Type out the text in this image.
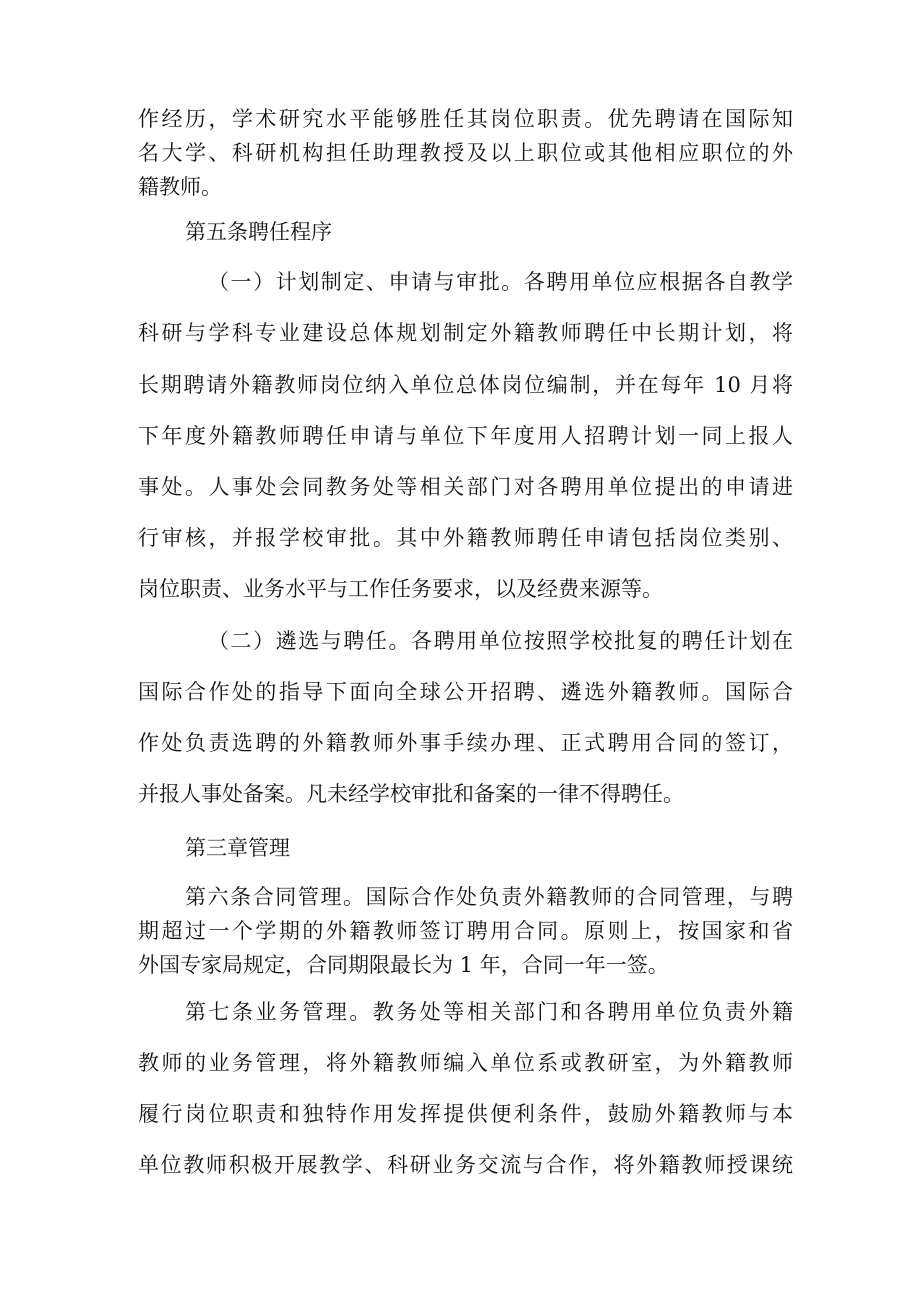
作经历，学术研究水平能够胜任其岗位职责。优先聘请在国际知
名大学、科研机构担任助理教授及以上职位或其他相应职位的外
籍教师。
第五条聘任程序
（一）计划制定、申请与审批。各聘用单位应根据各自教学
科研与学科专业建设总体规划制定外籍教师聘任中长期计划，将
长期聘请外籍教师岗位纳入单位总体岗位编制，并在每年 10 月将
下年度外籍教师聘任申请与单位下年度用人招聘计划一同上报人
事处。人事处会同教务处等相关部门对各聘用单位提出的申请进
行审核，并报学校审批。其中外籍教师聘任申请包括岗位类别、
岗位职责、业务水平与工作任务要求，以及经费来源等。
（二）遴选与聘任。各聘用单位按照学校批复的聘任计划在
国际合作处的指导下面向全球公开招聘、遴选外籍教师。国际合
作处负责选聘的外籍教师外事手续办理、正式聘用合同的签订，
并报人事处备案。凡未经学校审批和备案的一律不得聘任。
第三章管理
第六条合同管理。国际合作处负责外籍教师的合同管理，与聘
期超过一个学期的外籍教师签订聘用合同。原则上，按国家和省
外国专家局规定，合同期限最长为 1 年，合同一年一签。
第七条业务管理。教务处等相关部门和各聘用单位负责外籍
教师的业务管理，将外籍教师编入单位系或教研室，为外籍教师
履行岗位职责和独特作用发挥提供便利条件，鼓励外籍教师与本
单位教师积极开展教学、科研业务交流与合作，将外籍教师授课统
